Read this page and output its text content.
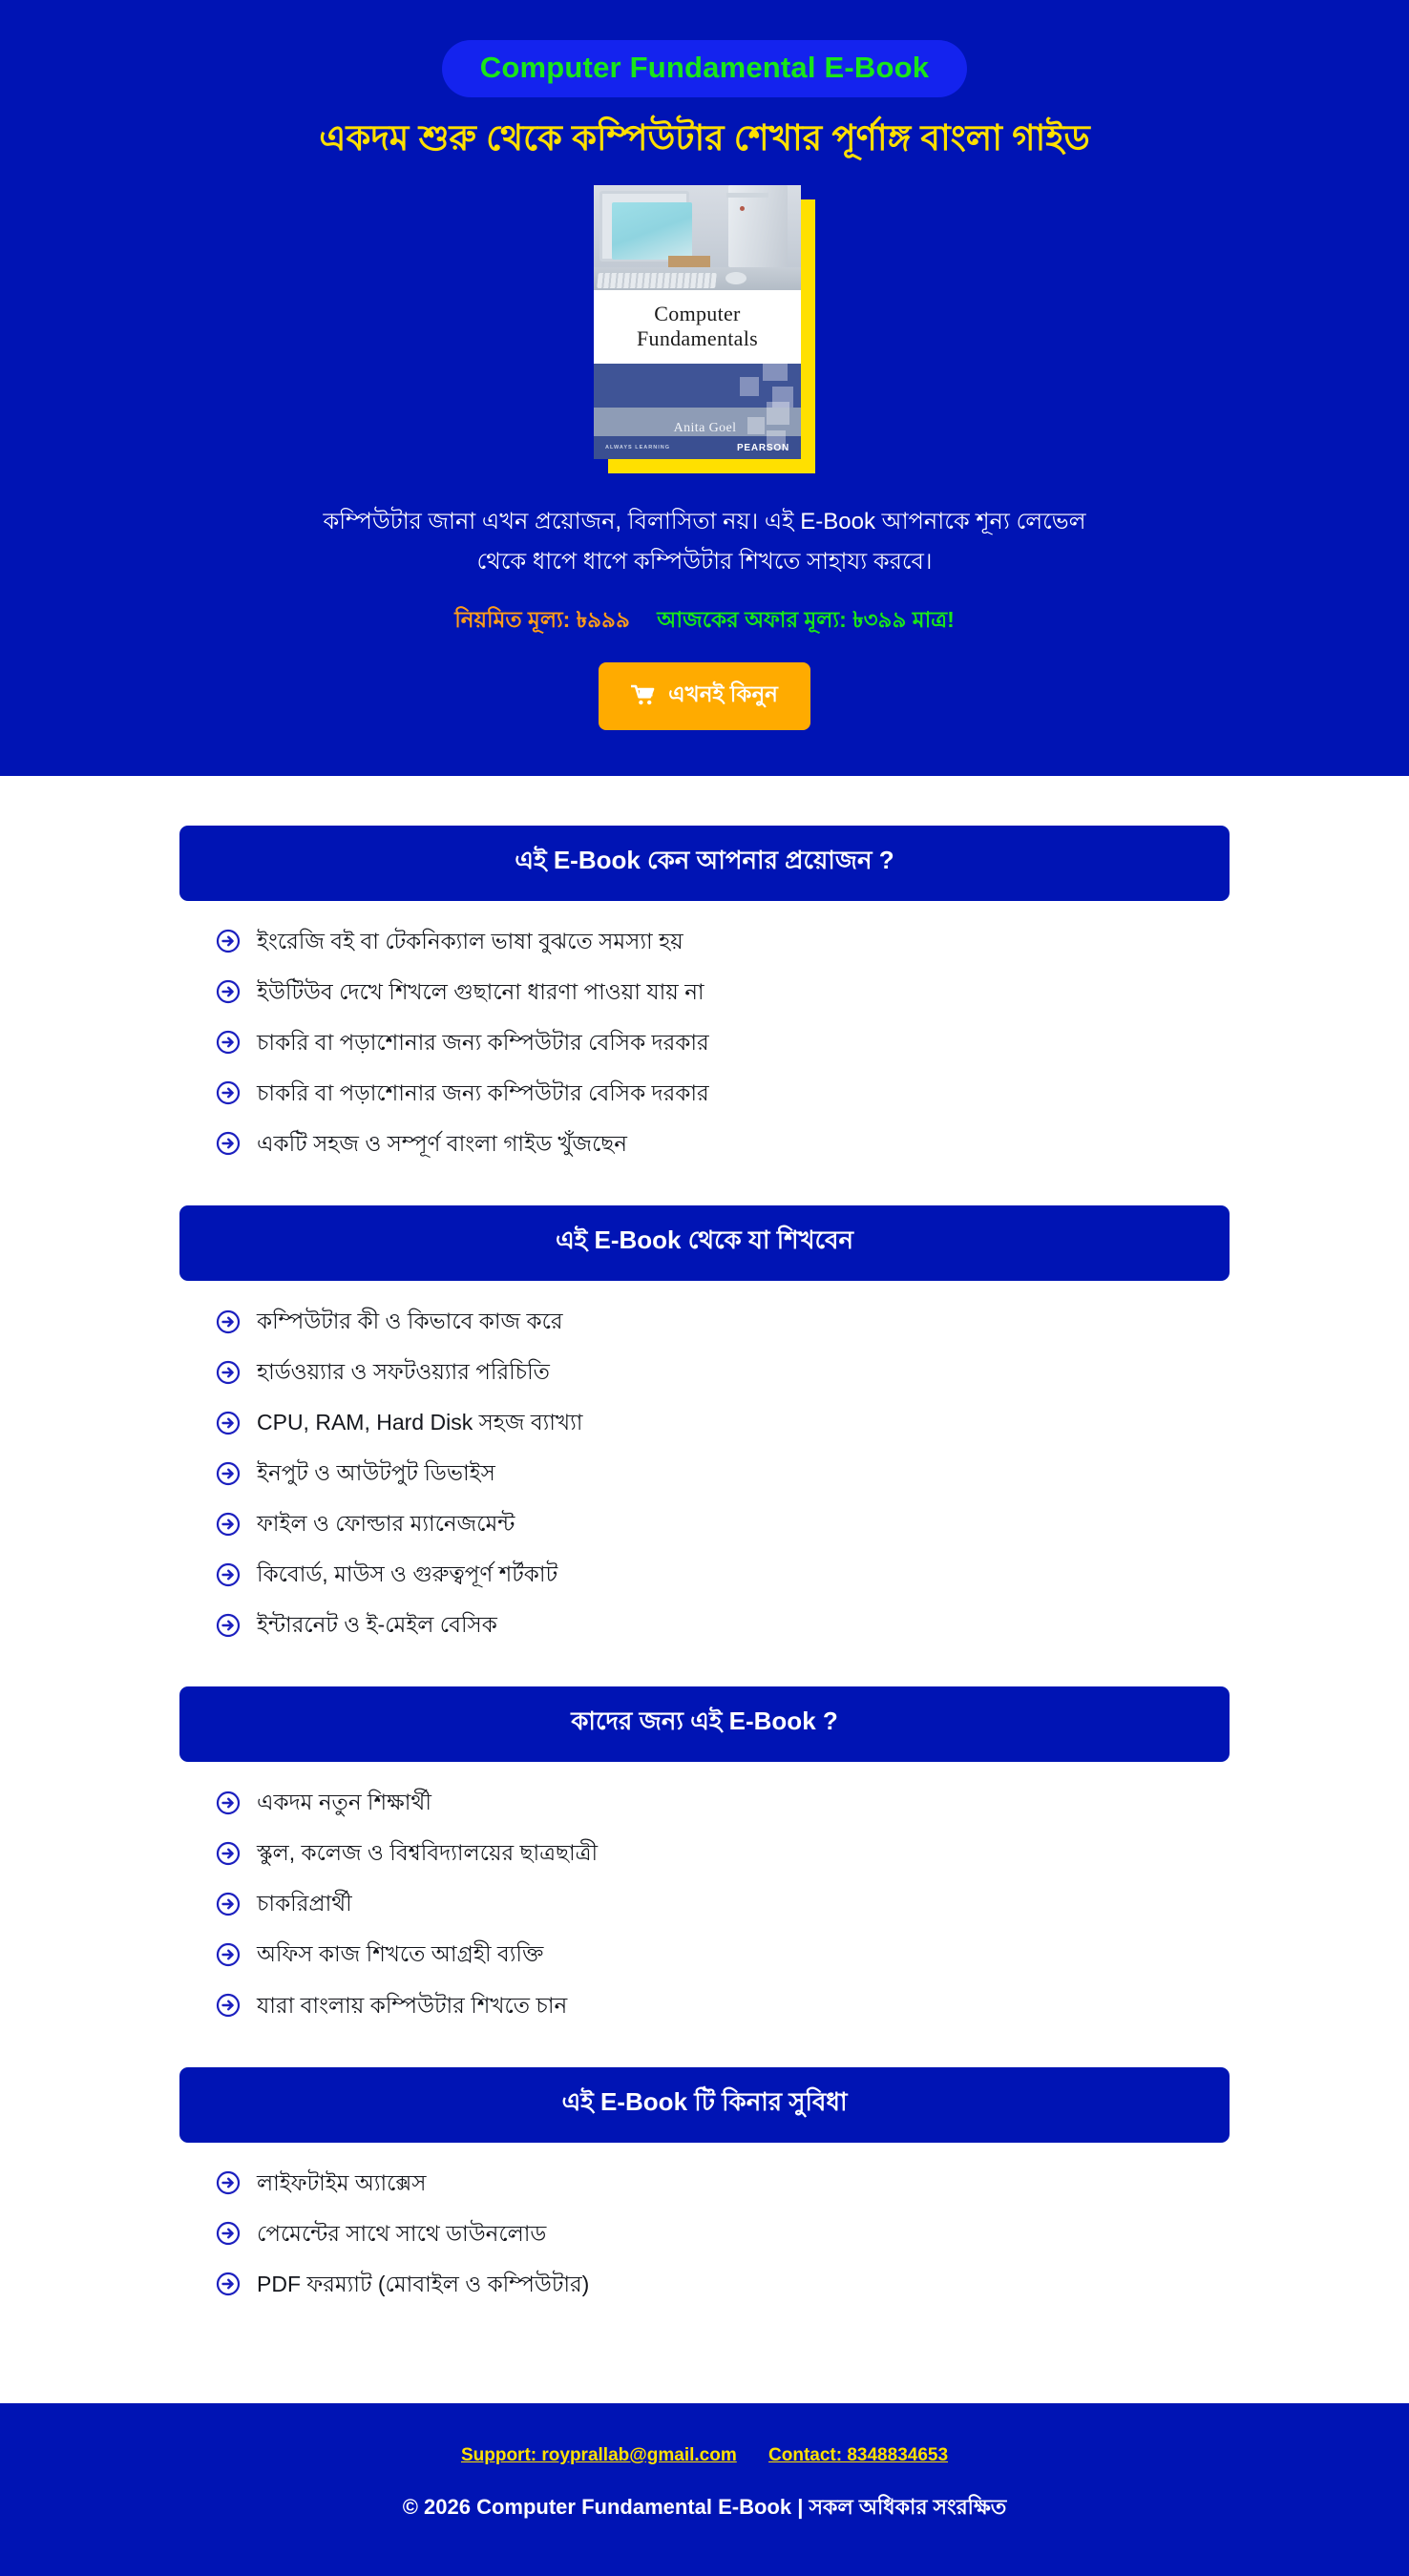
Computer Fundamental E-Book
একদম শুরু থেকে কম্পিউটার শেখার পূর্ণাঙ্গ বাংলা গাইড
Computer
Fundamentals
Anita Goel
ALWAYS LEARNING	PEARSON

কম্পিউটার জানা এখন প্রয়োজন, বিলাসিতা নয়। এই E-Book আপনাকে শূন্য লেভেল থেকে ধাপে ধাপে কম্পিউটার শিখতে সাহায্য করবে।

নিয়মিত মূল্য: ৳৯৯৯ আজকের অফার মূল্য: ৳৩৯৯ মাত্র!
এখনই কিনুন
এই E-Book কেন আপনার প্রয়োজন ?
ইংরেজি বই বা টেকনিক্যাল ভাষা বুঝতে সমস্যা হয়
ইউটিউব দেখে শিখলে গুছানো ধারণা পাওয়া যায় না
চাকরি বা পড়াশোনার জন্য কম্পিউটার বেসিক দরকার
চাকরি বা পড়াশোনার জন্য কম্পিউটার বেসিক দরকার
একটি সহজ ও সম্পূর্ণ বাংলা গাইড খুঁজছেন
এই E-Book থেকে যা শিখবেন
কম্পিউটার কী ও কিভাবে কাজ করে
হার্ডওয়্যার ও সফটওয়্যার পরিচিতি
CPU, RAM, Hard Disk সহজ ব্যাখ্যা
ইনপুট ও আউটপুট ডিভাইস
ফাইল ও ফোল্ডার ম্যানেজমেন্ট
কিবোর্ড, মাউস ও গুরুত্বপূর্ণ শর্টকাট
ইন্টারনেট ও ই-মেইল বেসিক
কাদের জন্য এই E-Book ?
একদম নতুন শিক্ষার্থী
স্কুল, কলেজ ও বিশ্ববিদ্যালয়ের ছাত্রছাত্রী
চাকরিপ্রার্থী
অফিস কাজ শিখতে আগ্রহী ব্যক্তি
যারা বাংলায় কম্পিউটার শিখতে চান
এই E-Book টি কিনার সুবিধা
লাইফটাইম অ্যাক্সেস
পেমেন্টের সাথে সাথে ডাউনলোড
PDF ফরম্যাট (মোবাইল ও কম্পিউটার)
Support: royprallab@gmail.com Contact: 8348834653
© 2026 Computer Fundamental E-Book | সকল অধিকার সংরক্ষিত
